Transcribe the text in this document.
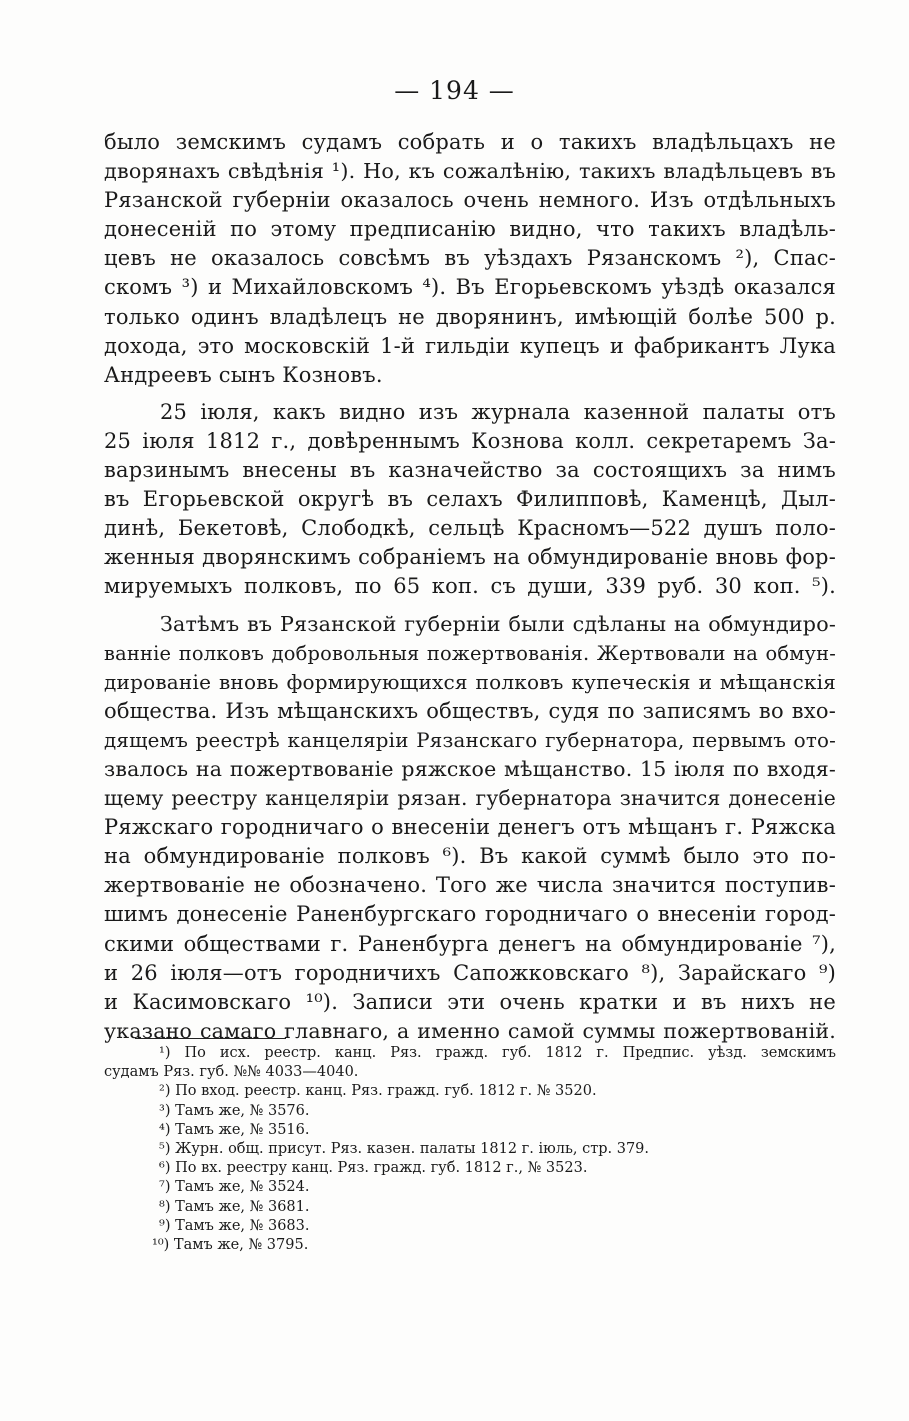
— 194 —
было земскимъ судамъ собрать и о такихъ владѣльцахъ не
дворянахъ свѣдѣнія ¹). Но, къ сожалѣнію, такихъ владѣльцевъ въ
Рязанской губерніи оказалось очень немного. Изъ отдѣльныхъ
донесеній по этому предписанію видно, что такихъ владѣль-
цевъ не оказалось совсѣмъ въ уѣздахъ Рязанскомъ ²), Спас-
скомъ ³) и Михайловскомъ ⁴). Въ Егорьевскомъ уѣздѣ оказался
только одинъ владѣлецъ не дворянинъ, имѣющій болѣе 500 р.
дохода, это московскій 1-й гильдіи купецъ и фабрикантъ Лука
Андреевъ сынъ Козновъ.
25 іюля, какъ видно изъ журнала казенной палаты отъ
25 іюля 1812 г., довѣреннымъ Кознова колл. секретаремъ За-
варзинымъ внесены въ казначейство за состоящихъ за нимъ
въ Егорьевской округѣ въ селахъ Филипповѣ, Каменцѣ, Дыл-
динѣ, Бекетовѣ, Слободкѣ, сельцѣ Красномъ—522 душъ поло-
женныя дворянскимъ собраніемъ на обмундированіе вновь фор-
мируемыхъ полковъ, по 65 коп. съ души, 339 руб. 30 коп. ⁵).
Затѣмъ въ Рязанской губерніи были сдѣланы на обмундиро-
ванніе полковъ добровольныя пожертвованія. Жертвовали на обмун-
дированіе вновь формирующихся полковъ купеческія и мѣщанскія
общества. Изъ мѣщанскихъ обществъ, судя по записямъ во вхо-
дящемъ реестрѣ канцеляріи Рязанскаго губернатора, первымъ ото-
звалось на пожертвованіе ряжское мѣщанство. 15 іюля по входя-
щему реестру канцеляріи рязан. губернатора значится донесеніе
Ряжскаго городничаго о внесеніи денегъ отъ мѣщанъ г. Ряжска
на обмундированіе полковъ ⁶). Въ какой суммѣ было это по-
жертвованіе не обозначено. Того же числа значится поступив-
шимъ донесеніе Раненбургскаго городничаго о внесеніи город-
скими обществами г. Раненбурга денегъ на обмундированіе ⁷),
и 26 іюля—отъ городничихъ Сапожковскаго ⁸), Зарайскаго ⁹)
и Касимовскаго ¹⁰). Записи эти очень кратки и въ нихъ не
указано самаго главнаго, а именно самой суммы пожертвованій.
¹) По исх. реестр. канц. Ряз. гражд. губ. 1812 г. Предпис. уѣзд. земскимъ
судамъ Ряз. губ. №№ 4033—4040.
²) По вход. реестр. канц. Ряз. гражд. губ. 1812 г. № 3520.
³) Тамъ же, № 3576.
⁴) Тамъ же, № 3516.
⁵) Журн. общ. присут. Ряз. казен. палаты 1812 г. іюль, стр. 379.
⁶) По вх. реестру канц. Ряз. гражд. губ. 1812 г., № 3523.
⁷) Тамъ же, № 3524.
⁸) Тамъ же, № 3681.
⁹) Тамъ же, № 3683.
¹⁰) Тамъ же, № 3795.
